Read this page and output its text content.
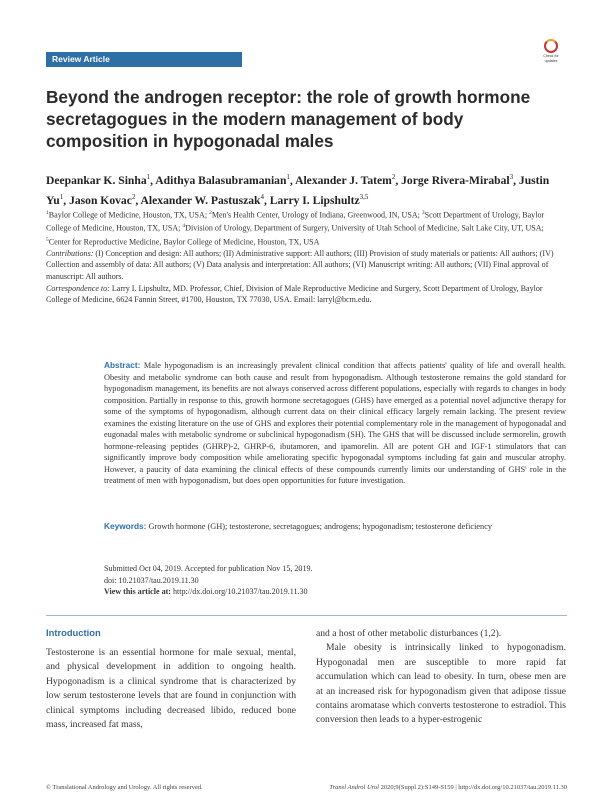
Review Article	Check for
updates
Beyond the androgen receptor: the role of growth hormone secretagogues in the modern management of body composition in hypogonadal males
Deepankar K. Sinha$^1$, Adithya Balasubramanian$^1$, Alexander J. Tatem$^2$, Jorge Rivera-Mirabal$^3$, Justin Yu$^1$, Jason Kovac$^2$, Alexander W. Pastuszak$^4$, Larry I. Lipshultz$^{3,5}$
$^1$Baylor College of Medicine, Houston, TX, USA; $^2$Men's Health Center, Urology of Indiana, Greenwood, IN, USA; $^3$Scott Department of Urology, Baylor College of Medicine, Houston, TX, USA; $^4$Division of Urology, Department of Surgery, University of Utah School of Medicine, Salt Lake City, UT, USA; $^5$Center for Reproductive Medicine, Baylor College of Medicine, Houston, TX, USA
Contributions: (I) Conception and design: All authors; (II) Administrative support: All authors; (III) Provision of study materials or patients: All authors; (IV) Collection and assembly of data: All authors; (V) Data analysis and interpretation: All authors; (VI) Manuscript writing: All authors; (VII) Final approval of manuscript: All authors.
Correspondence to: Larry I. Lipshultz, MD. Professor, Chief, Division of Male Reproductive Medicine and Surgery, Scott Department of Urology, Baylor College of Medicine, 6624 Fannin Street, #1700, Houston, TX 77030, USA. Email: larryl@bcm.edu.
Abstract: Male hypogonadism is an increasingly prevalent clinical condition that affects patients' quality of life and overall health. Obesity and metabolic syndrome can both cause and result from hypogonadism. Although testosterone remains the gold standard for hypogonadism management, its benefits are not always conserved across different populations, especially with regards to changes in body composition. Partially in response to this, growth hormone secretagogues (GHS) have emerged as a potential novel adjunctive therapy for some of the symptoms of hypogonadism, although current data on their clinical efficacy largely remain lacking. The present review examines the existing literature on the use of GHS and explores their potential complementary role in the management of hypogonadal and eugonadal males with metabolic syndrome or subclinical hypogonadism (SH). The GHS that will be discussed include sermorelin, growth hormone-releasing peptides (GHRP)-2, GHRP-6, ibutamoren, and ipamorelin. All are potent GH and IGF-1 stimulators that can significantly improve body composition while ameliorating specific hypogonadal symptoms including fat gain and muscular atrophy. However, a paucity of data examining the clinical effects of these compounds currently limits our understanding of GHS' role in the treatment of men with hypogonadism, but does open opportunities for future investigation.
Keywords: Growth hormone (GH); testosterone, secretagogues; androgens; hypogonadism; testosterone deficiency
Submitted Oct 04, 2019. Accepted for publication Nov 15, 2019.
doi: 10.21037/tau.2019.11.30
View this article at: http://dx.doi.org/10.21037/tau.2019.11.30
Introduction
Testosterone is an essential hormone for male sexual, mental, and physical development in addition to ongoing health. Hypogonadism is a clinical syndrome that is characterized by low serum testosterone levels that are found in conjunction with clinical symptoms including decreased libido, reduced bone mass, increased fat mass,

and a host of other metabolic disturbances (1,2).

Male obesity is intrinsically linked to hypogonadism. Hypogonadal men are susceptible to more rapid fat accumulation which can lead to obesity. In turn, obese men are at an increased risk for hypogonadism given that adipose tissue contains aromatase which converts testosterone to estradiol. This conversion then leads to a hyper-estrogenic

© Translational Andrology and Urology. All rights reserved.	Transl Androl Urol 2020;9(Suppl 2):S149-S159 | http://dx.doi.org/10.21037/tau.2019.11.30
